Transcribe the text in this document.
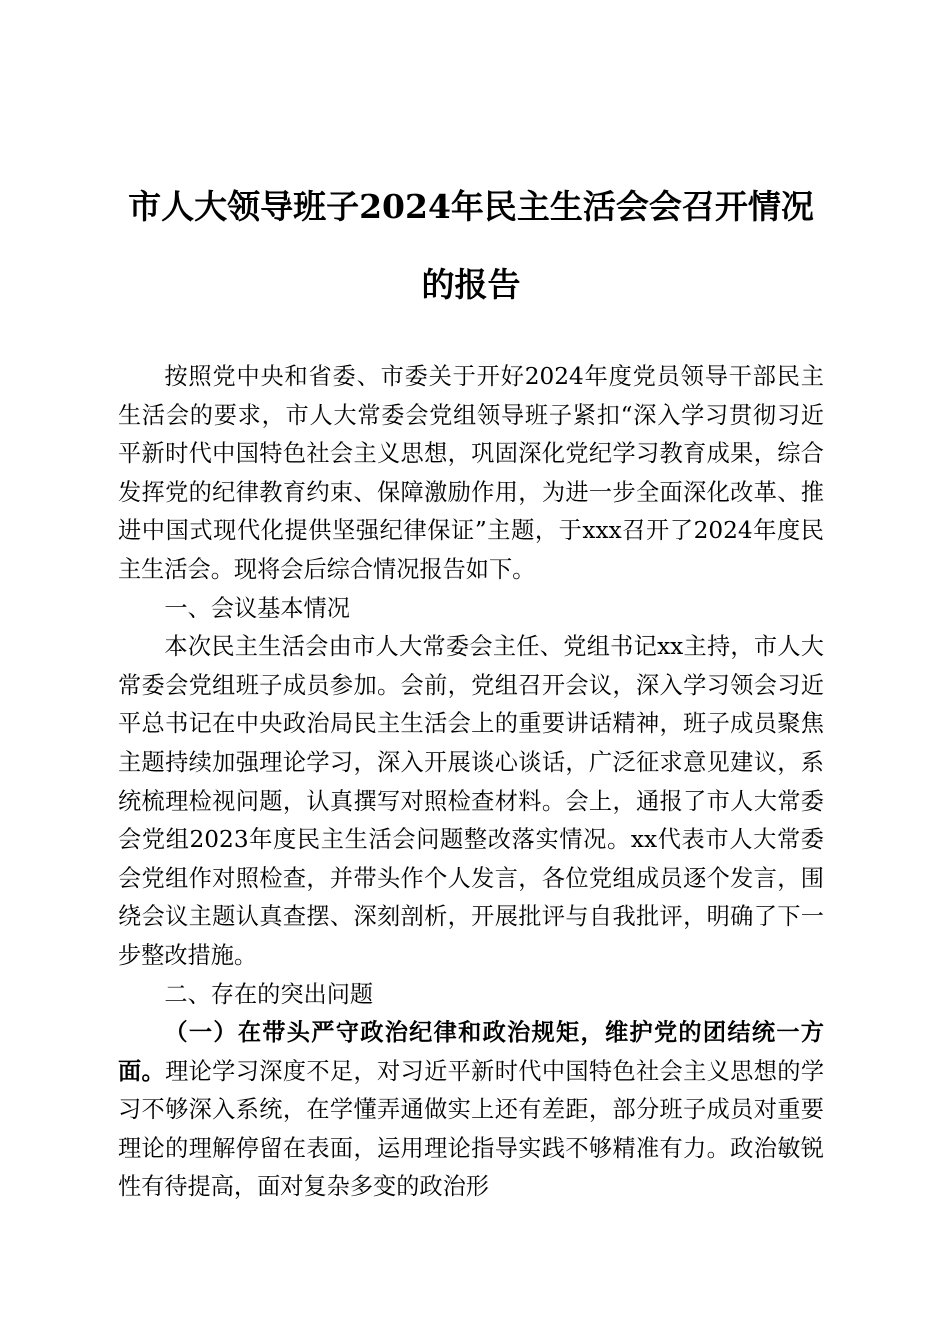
市人大领导班子2024年民主生活会会召开情况的报告

按照党中央和省委、市委关于开好2024年度党员领导干部民主生活会的要求，市人大常委会党组领导班子紧扣“深入学习贯彻习近平新时代中国特色社会主义思想，巩固深化党纪学习教育成果，综合发挥党的纪律教育约束、保障激励作用，为进一步全面深化改革、推进中国式现代化提供坚强纪律保证”主题，于xxx召开了2024年度民主生活会。现将会后综合情况报告如下。

一、会议基本情况

本次民主生活会由市人大常委会主任、党组书记xx主持，市人大常委会党组班子成员参加。会前，党组召开会议，深入学习领会习近平总书记在中央政治局民主生活会上的重要讲话精神，班子成员聚焦主题持续加强理论学习，深入开展谈心谈话，广泛征求意见建议，系统梳理检视问题，认真撰写对照检查材料。会上，通报了市人大常委会党组2023年度民主生活会问题整改落实情况。xx代表市人大常委会党组作对照检查，并带头作个人发言，各位党组成员逐个发言，围绕会议主题认真查摆、深刻剖析，开展批评与自我批评，明确了下一步整改措施。

二、存在的突出问题

（一）在带头严守政治纪律和政治规矩，维护党的团结统一方面。理论学习深度不足，对习近平新时代中国特色社会主义思想的学习不够深入系统，在学懂弄通做实上还有差距，部分班子成员对重要理论的理解停留在表面，运用理论指导实践不够精准有力。政治敏锐性有待提高，面对复杂多变的政治形
